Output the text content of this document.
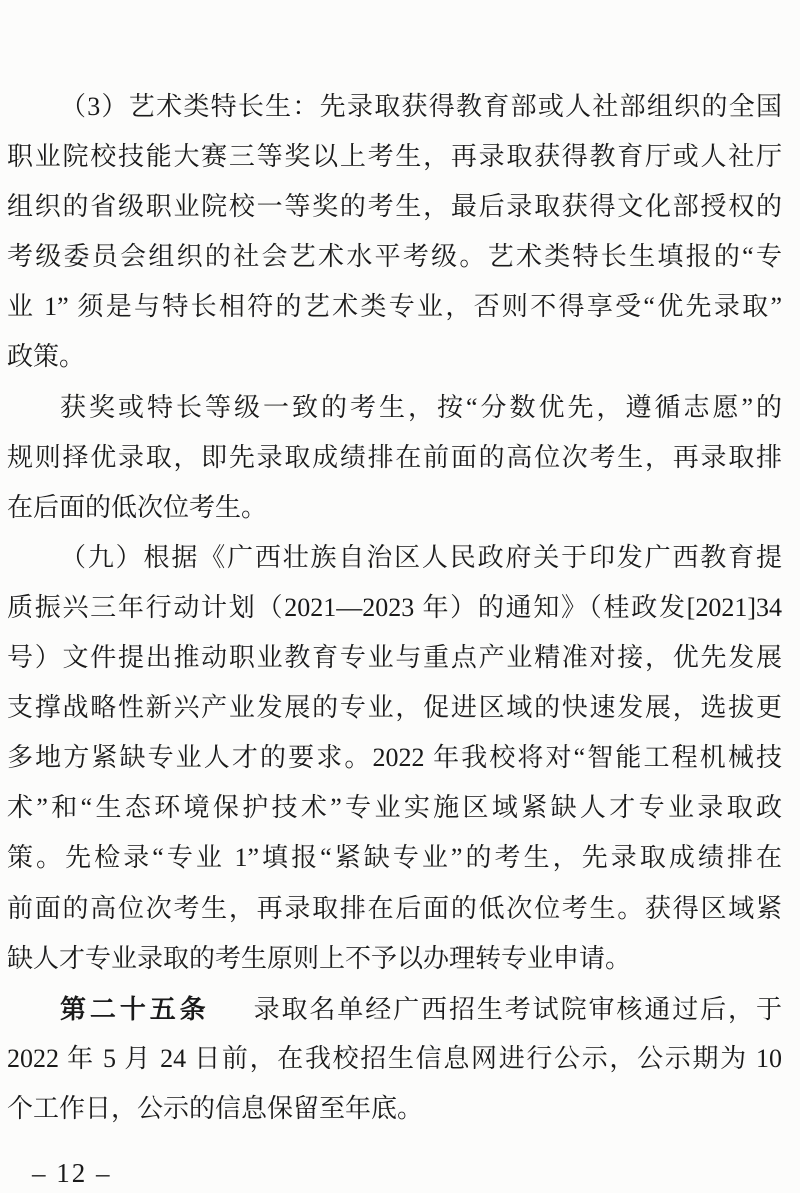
（3）艺术类特长生：先录取获得教育部或人社部组织的全国
职业院校技能大赛三等奖以上考生，再录取获得教育厅或人社厅
组织的省级职业院校一等奖的考生，最后录取获得文化部授权的
考级委员会组织的社会艺术水平考级。艺术类特长生填报的“专
业 1” 须是与特长相符的艺术类专业，否则不得享受“优先录取”
政策。
获奖或特长等级一致的考生，按“分数优先，遵循志愿”的
规则择优录取，即先录取成绩排在前面的高位次考生，再录取排
在后面的低次位考生。
（九）根据《广西壮族自治区人民政府关于印发广西教育提
质振兴三年行动计划（2021—2023 年）的通知》（桂政发[2021]34
号）文件提出推动职业教育专业与重点产业精准对接，优先发展
支撑战略性新兴产业发展的专业，促进区域的快速发展，选拔更
多地方紧缺专业人才的要求。2022 年我校将对“智能工程机械技
术”和“生态环境保护技术”专业实施区域紧缺人才专业录取政
策。先检录“专业 1”填报“紧缺专业”的考生，先录取成绩排在
前面的高位次考生，再录取排在后面的低次位考生。获得区域紧
缺人才专业录取的考生原则上不予以办理转专业申请。
第二十五条 录取名单经广西招生考试院审核通过后，于
2022 年 5 月 24 日前，在我校招生信息网进行公示，公示期为 10
个工作日，公示的信息保留至年底。
– 12 –
